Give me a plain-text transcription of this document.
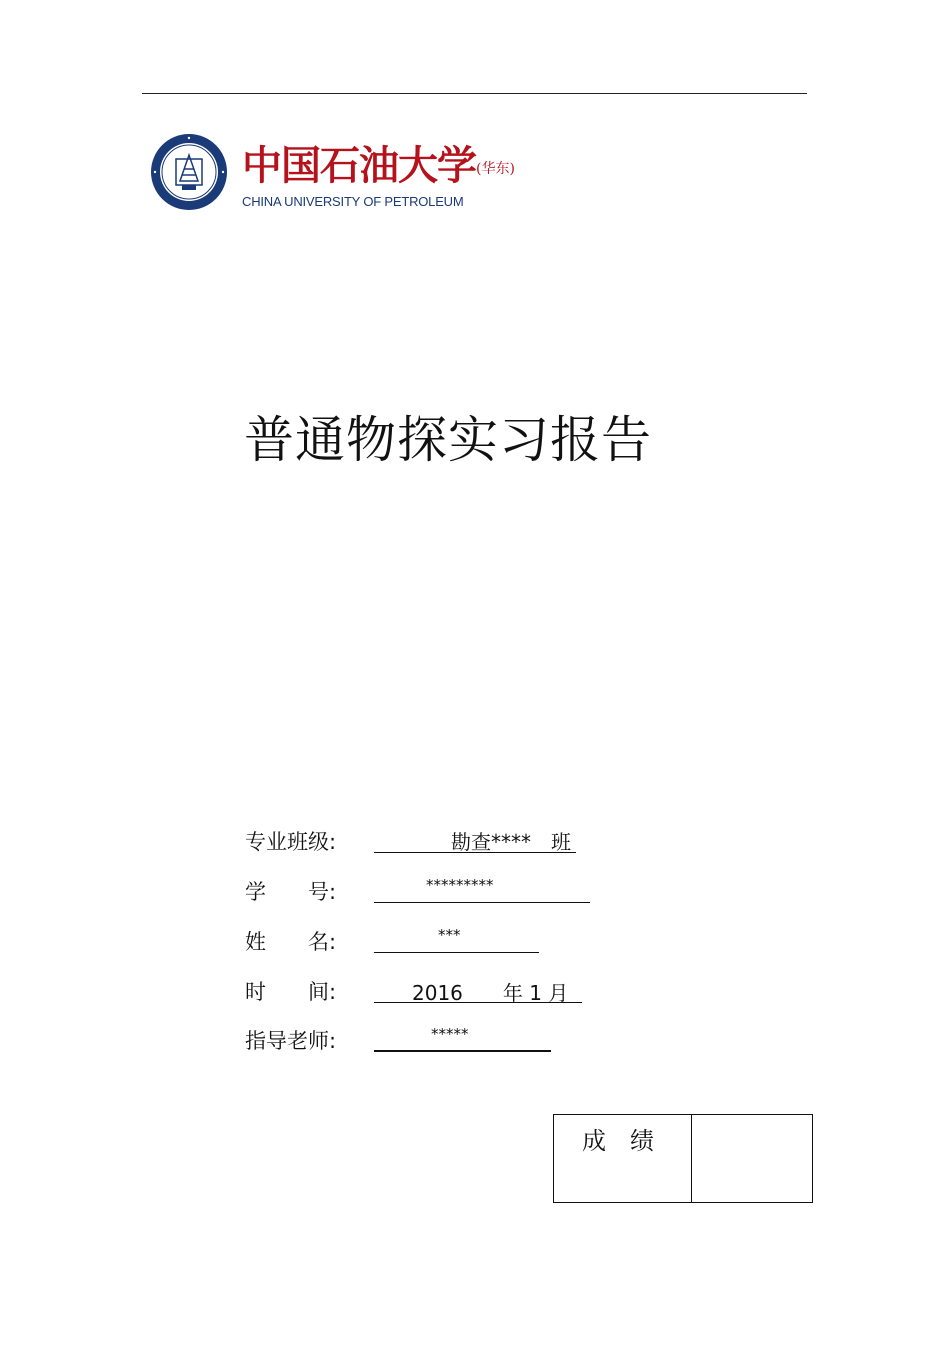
中国石油大学(华东)
CHINA UNIVERSITY OF PETROLEUM
普通物探实习报告
专业班级:	勘查****　班
学　　号:	*********
姓　　名:	***
时　　间:	2016　　年 1 月
指导老师:	*****
成　绩
